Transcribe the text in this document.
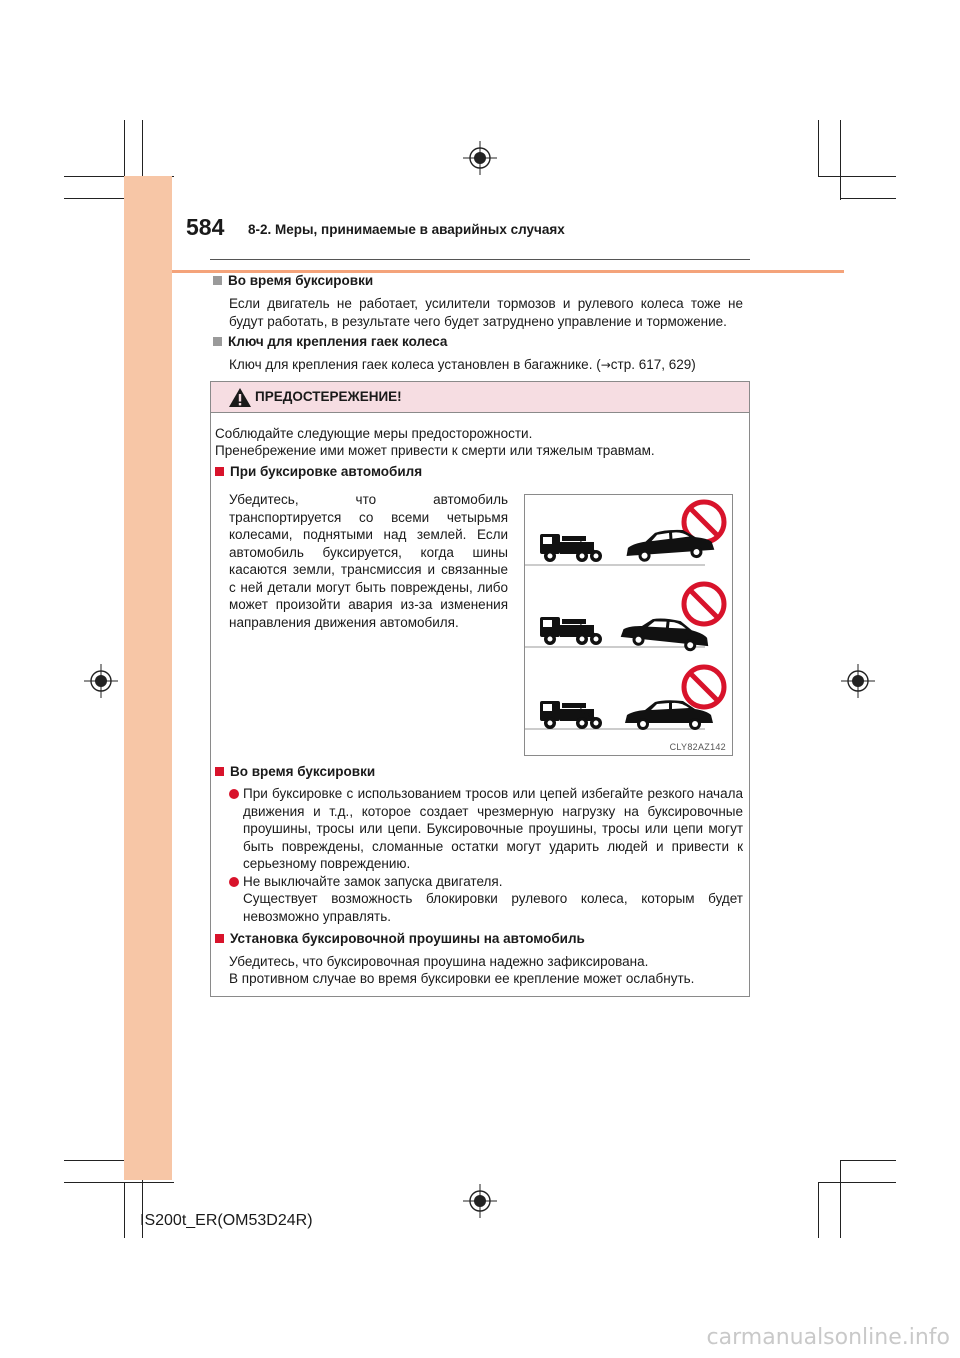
584 8-2. Меры, принимаемые в аварийных случаях
Во время буксировки
Если двигатель не работает, усилители тормозов и рулевого колеса тоже не будут работать, в результате чего будет затруднено управление и торможение.
Ключ для крепления гаек колеса
Ключ для крепления гаек колеса установлен в багажнике. (→стр. 617, 629)
ПРЕДОСТЕРЕЖЕНИЕ!
Соблюдайте следующие меры предосторожности.
Пренебрежение ими может привести к смерти или тяжелым травмам.
При буксировке автомобиля
Убедитесь, что автомобиль транспортируется со всеми четырьмя колесами, поднятыми над землей. Если автомобиль буксируется, когда шины касаются земли, трансмиссия и связанные с ней детали могут быть повреждены, либо может произойти авария из-за изменения направления движения автомобиля.
CLY82AZ142
Во время буксировки
При буксировке с использованием тросов или цепей избегайте резкого начала движения и т.д., которое создает чрезмерную нагрузку на буксировочные проушины, тросы или цепи. Буксировочные проушины, тросы или цепи могут быть повреждены, сломанные остатки могут ударить людей и привести к серьезному повреждению.
Не выключайте замок запуска двигателя.
Существует возможность блокировки рулевого колеса, которым будет невозможно управлять.
Установка буксировочной проушины на автомобиль
Убедитесь, что буксировочная проушина надежно зафиксирована.
В противном случае во время буксировки ее крепление может ослабнуть.
IS200t_ER(OM53D24R)
carmanualsonline.info
